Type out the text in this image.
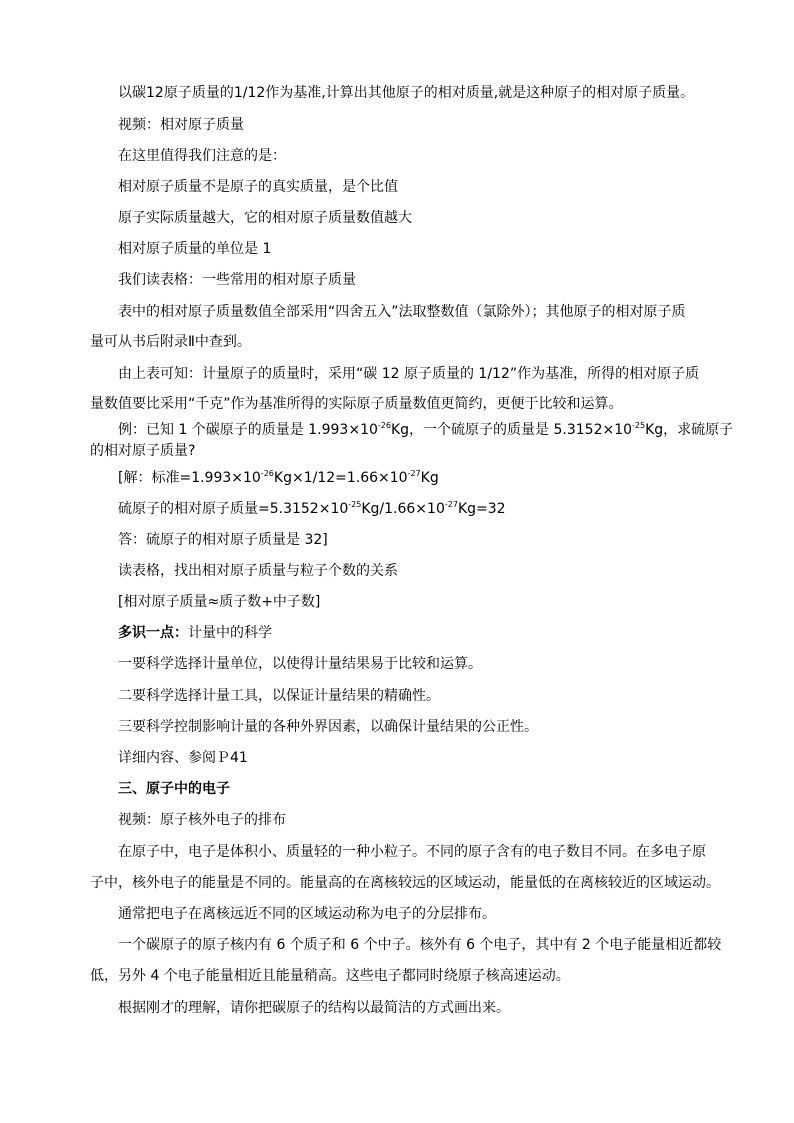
以碳12原子质量的1/12作为基准,计算出其他原子的相对质量,就是这种原子的相对原子质量。
视频：相对原子质量
在这里值得我们注意的是：
相对原子质量不是原子的真实质量，是个比值
原子实际质量越大，它的相对原子质量数值越大
相对原子质量的单位是 1
我们读表格：一些常用的相对原子质量
表中的相对原子质量数值全部采用“四舍五入”法取整数值（氯除外）；其他原子的相对原子质
量可从书后附录Ⅱ中查到。
由上表可知：计量原子的质量时，采用“碳 12 原子质量的 1/12”作为基准，所得的相对原子质
量数值要比采用“千克”作为基准所得的实际原子质量数值更简约，更便于比较和运算。
例：已知 1 个碳原子的质量是 $1.993\times 10^{-26}Kg$，一个硫原子的质量是 $5.3152\times 10^{-25}Kg$，求硫原子
的相对原子质量?
[解：标准$=1.993\times 10^{-26}Kg\times 1/12=1.66\times 10^{-27}Kg$
硫原子的相对原子质量$=5.3152\times 10^{-25}Kg/1.66\times 10^{-27}Kg=32$
答：硫原子的相对原子质量是 32]
读表格，找出相对原子质量与粒子个数的关系
[相对原子质量≈质子数+中子数]
多识一点：计量中的科学
一要科学选择计量单位，以使得计量结果易于比较和运算。
二要科学选择计量工具，以保证计量结果的精确性。
三要科学控制影响计量的各种外界因素，以确保计量结果的公正性。
详细内容、参阅Ｐ41
三、原子中的电子
视频：原子核外电子的排布
在原子中，电子是体积小、质量轻的一种小粒子。不同的原子含有的电子数目不同。在多电子原
子中，核外电子的能量是不同的。能量高的在离核较远的区域运动，能量低的在离核较近的区域运动。
通常把电子在离核远近不同的区域运动称为电子的分层排布。
一个碳原子的原子核内有 6 个质子和 6 个中子。核外有 6 个电子，其中有 2 个电子能量相近都较
低，另外 4 个电子能量相近且能量稍高。这些电子都同时绕原子核高速运动。
根据刚才的理解，请你把碳原子的结构以最简洁的方式画出来。
